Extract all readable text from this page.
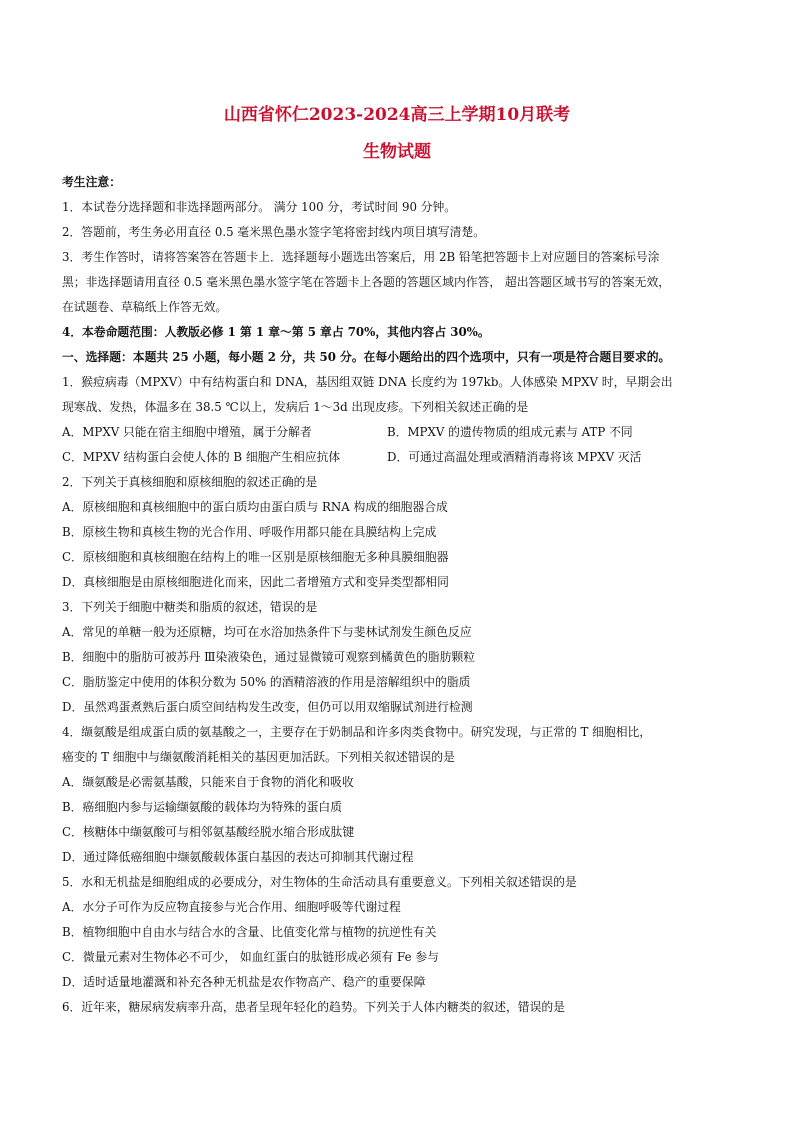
山西省怀仁2023-2024高三上学期10月联考
生物试题
考生注意：
1．本试卷分选择题和非选择题两部分。 满分 100 分，考试时间 90 分钟。
2．答题前，考生务必用直径 0.5 毫米黑色墨水签字笔将密封线内项目填写清楚。
3．考生作答时，请将答案答在答题卡上．选择题每小题选出答案后，用 2B 铅笔把答题卡上对应题目的答案标号涂
黑；非选择题请用直径 0.5 毫米黑色墨水签字笔在答题卡上各题的答题区域内作答， 超出答题区域书写的答案无效，
在试题卷、草稿纸上作答无效。
4．本卷命题范围：人教版必修 1 第 1 章～第 5 章占 70%，其他内容占 30%。
一、选择题：本题共 25 小题，每小题 2 分，共 50 分。在每小题给出的四个选项中，只有一项是符合题目要求的。
1．猴痘病毒（MPXV）中有结构蛋白和 DNA，基因组双链 DNA 长度约为 197kb。人体感染 MPXV 时，早期会出
现寒战、发热，体温多在 38.5 ℃以上，发病后 1～3d 出现皮疹。下列相关叙述正确的是
A．MPXV 只能在宿主细胞中增殖，属于分解者	B．MPXV 的遗传物质的组成元素与 ATP 不同
C．MPXV 结构蛋白会使人体的 B 细胞产生相应抗体	D．可通过高温处理或酒精消毒将该 MPXV 灭活
2．下列关于真核细胞和原核细胞的叙述正确的是
A．原核细胞和真核细胞中的蛋白质均由蛋白质与 RNA 构成的细胞器合成
B．原核生物和真核生物的光合作用、呼吸作用都只能在具膜结构上完成
C．原核细胞和真核细胞在结构上的唯一区别是原核细胞无多种具膜细胞器
D．真核细胞是由原核细胞进化而来，因此二者增殖方式和变异类型都相同
3．下列关于细胞中糖类和脂质的叙述，错误的是
A．常见的单糖一般为还原糖，均可在水浴加热条件下与斐林试剂发生颜色反应
B．细胞中的脂肪可被苏丹 Ⅲ染液染色，通过显微镜可观察到橘黄色的脂肪颗粒
C．脂肪鉴定中使用的体积分数为 50% 的酒精溶液的作用是溶解组织中的脂质
D．虽然鸡蛋煮熟后蛋白质空间结构发生改变，但仍可以用双缩脲试剂进行检测
4．缬氨酸是组成蛋白质的氨基酸之一，主要存在于奶制品和许多肉类食物中。研究发现，与正常的 T 细胞相比，
癌变的 T 细胞中与缬氨酸消耗相关的基因更加活跃。下列相关叙述错误的是
A．缬氨酸是必需氨基酸，只能来自于食物的消化和吸收
B．癌细胞内参与运输缬氨酸的载体均为特殊的蛋白质
C．核糖体中缬氨酸可与相邻氨基酸经脱水缩合形成肽键
D．通过降低癌细胞中缬氨酸载体蛋白基因的表达可抑制其代谢过程
5．水和无机盐是细胞组成的必要成分，对生物体的生命活动具有重要意义。下列相关叙述错误的是
A．水分子可作为反应物直接参与光合作用、细胞呼吸等代谢过程
B．植物细胞中自由水与结合水的含量、比值变化常与植物的抗逆性有关
C．微量元素对生物体必不可少， 如血红蛋白的肽链形成必须有 Fe 参与
D．适时适量地灌溉和补充各种无机盐是农作物高产、稳产的重要保障
6．近年来，糖尿病发病率升高，患者呈现年轻化的趋势。下列关于人体内糖类的叙述，错误的是
